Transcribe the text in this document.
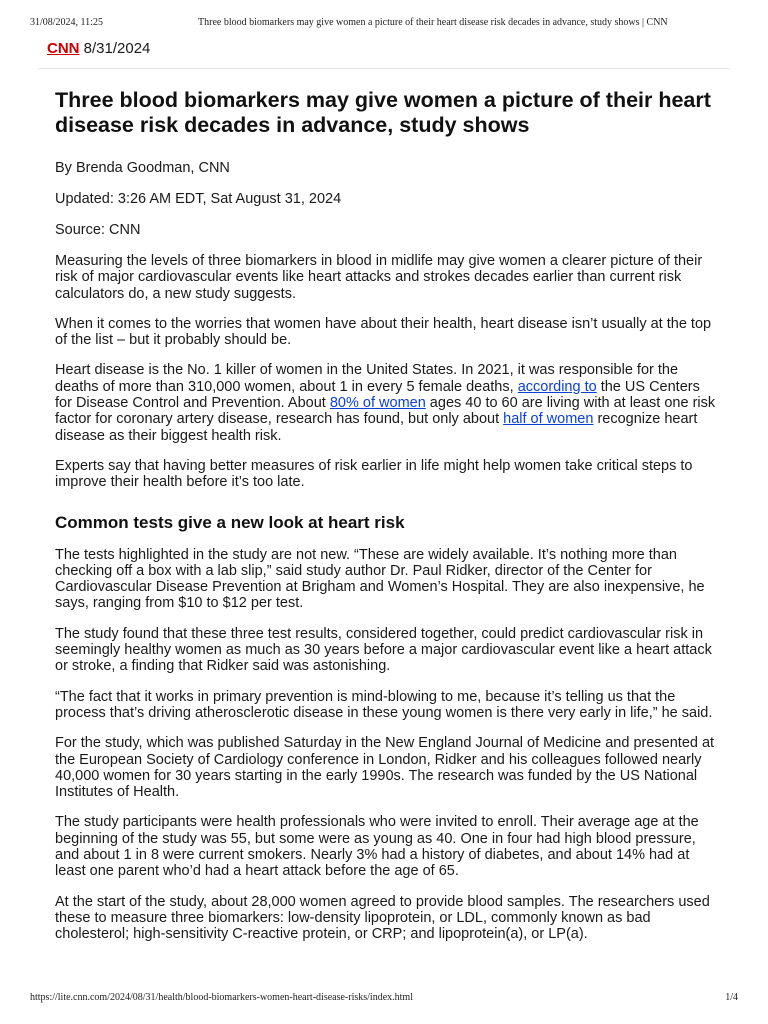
31/08/2024, 11:25	Three blood biomarkers may give women a picture of their heart disease risk decades in advance, study shows | CNN
CNN 8/31/2024
Three blood biomarkers may give women a picture of their heart disease risk decades in advance, study shows

By Brenda Goodman, CNN

Updated: 3:26 AM EDT, Sat August 31, 2024

Source: CNN

Measuring the levels of three biomarkers in blood in midlife may give women a clearer picture of their risk of major cardiovascular events like heart attacks and strokes decades earlier than current risk calculators do, a new study suggests.

When it comes to the worries that women have about their health, heart disease isn’t usually at the top of the list – but it probably should be.

Heart disease is the No. 1 killer of women in the United States. In 2021, it was responsible for the deaths of more than 310,000 women, about 1 in every 5 female deaths, according to the US Centers for Disease Control and Prevention. About 80% of women ages 40 to 60 are living with at least one risk factor for coronary artery disease, research has found, but only about half of women recognize heart disease as their biggest health risk.

Experts say that having better measures of risk earlier in life might help women take critical steps to improve their health before it’s too late.

Common tests give a new look at heart risk

The tests highlighted in the study are not new. “These are widely available. It’s nothing more than checking off a box with a lab slip,” said study author Dr. Paul Ridker, director of the Center for Cardiovascular Disease Prevention at Brigham and Women’s Hospital. They are also inexpensive, he says, ranging from $10 to $12 per test.

The study found that these three test results, considered together, could predict cardiovascular risk in seemingly healthy women as much as 30 years before a major cardiovascular event like a heart attack or stroke, a finding that Ridker said was astonishing.

“The fact that it works in primary prevention is mind-blowing to me, because it’s telling us that the process that’s driving atherosclerotic disease in these young women is there very early in life,” he said.

For the study, which was published Saturday in the New England Journal of Medicine and presented at the European Society of Cardiology conference in London, Ridker and his colleagues followed nearly 40,000 women for 30 years starting in the early 1990s. The research was funded by the US National Institutes of Health.

The study participants were health professionals who were invited to enroll. Their average age at the beginning of the study was 55, but some were as young as 40. One in four had high blood pressure, and about 1 in 8 were current smokers. Nearly 3% had a history of diabetes, and about 14% had at least one parent who’d had a heart attack before the age of 65.

At the start of the study, about 28,000 women agreed to provide blood samples. The researchers used these to measure three biomarkers: low-density lipoprotein, or LDL, commonly known as bad cholesterol; high-sensitivity C-reactive protein, or CRP; and lipoprotein(a), or LP(a).

https://lite.cnn.com/2024/08/31/health/blood-biomarkers-women-heart-disease-risks/index.html	1/4
